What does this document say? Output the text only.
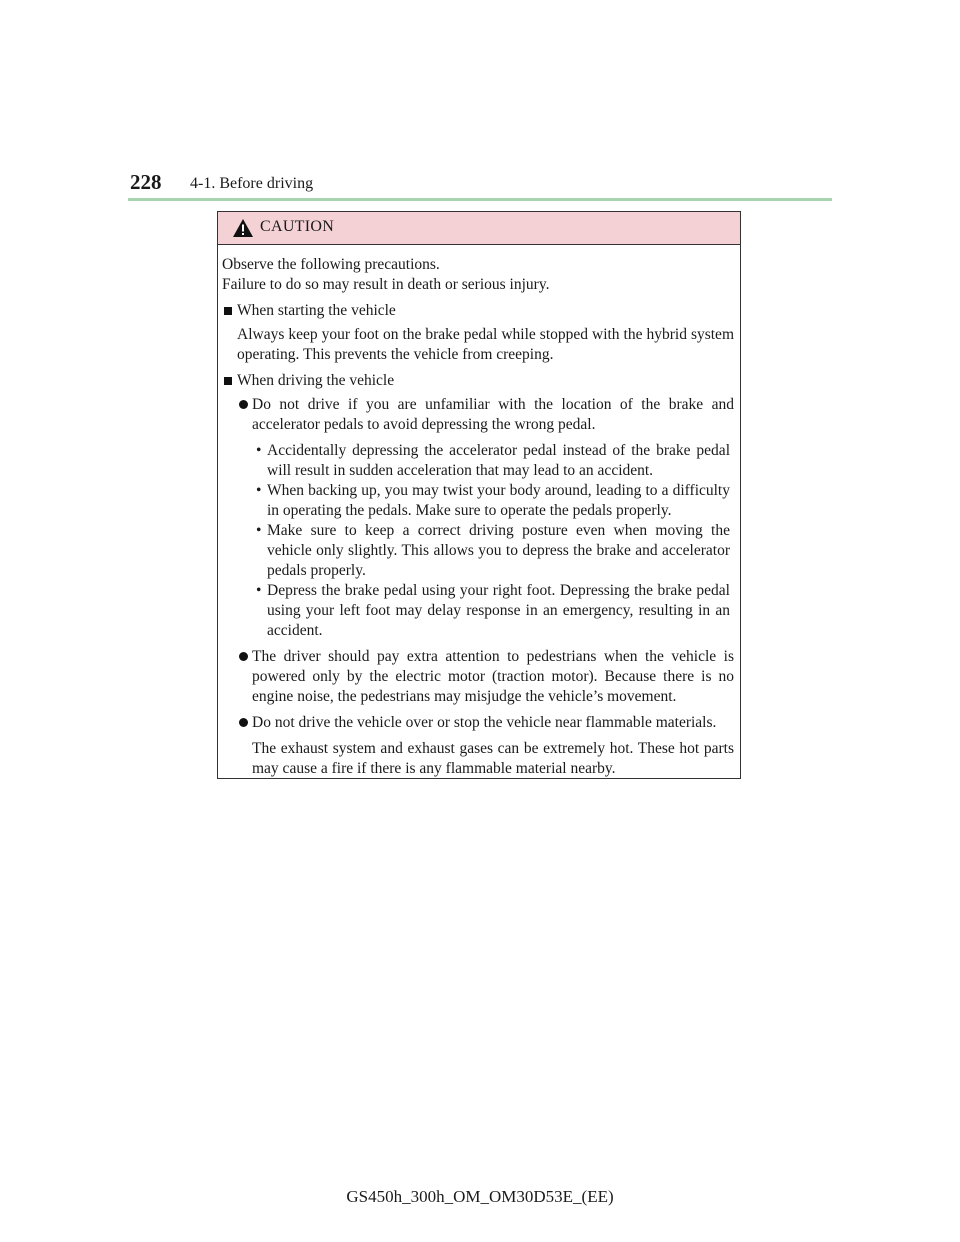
228 4-1. Before driving
CAUTION

Observe the following precautions.

Failure to do so may result in death or serious injury.

When starting the vehicle

Always keep your foot on the brake pedal while stopped with the hybrid system operating. This prevents the vehicle from creeping.

When driving the vehicle
Do not drive if you are unfamiliar with the location of the brake and accelerator pedals to avoid depressing the wrong pedal.
• Accidentally depressing the accelerator pedal instead of the brake pedal will result in sudden acceleration that may lead to an accident.
• When backing up, you may twist your body around, leading to a difficulty in operating the pedals. Make sure to operate the pedals properly.
• Make sure to keep a correct driving posture even when moving the vehicle only slightly. This allows you to depress the brake and accelerator pedals properly.
• Depress the brake pedal using your right foot. Depressing the brake pedal using your left foot may delay response in an emergency, resulting in an accident.
The driver should pay extra attention to pedestrians when the vehicle is powered only by the electric motor (traction motor). Because there is no engine noise, the pedestrians may misjudge the vehicle’s movement.
Do not drive the vehicle over or stop the vehicle near flammable materials.

The exhaust system and exhaust gases can be extremely hot. These hot parts may cause a fire if there is any flammable material nearby.

GS450h_300h_OM_OM30D53E_(EE)
